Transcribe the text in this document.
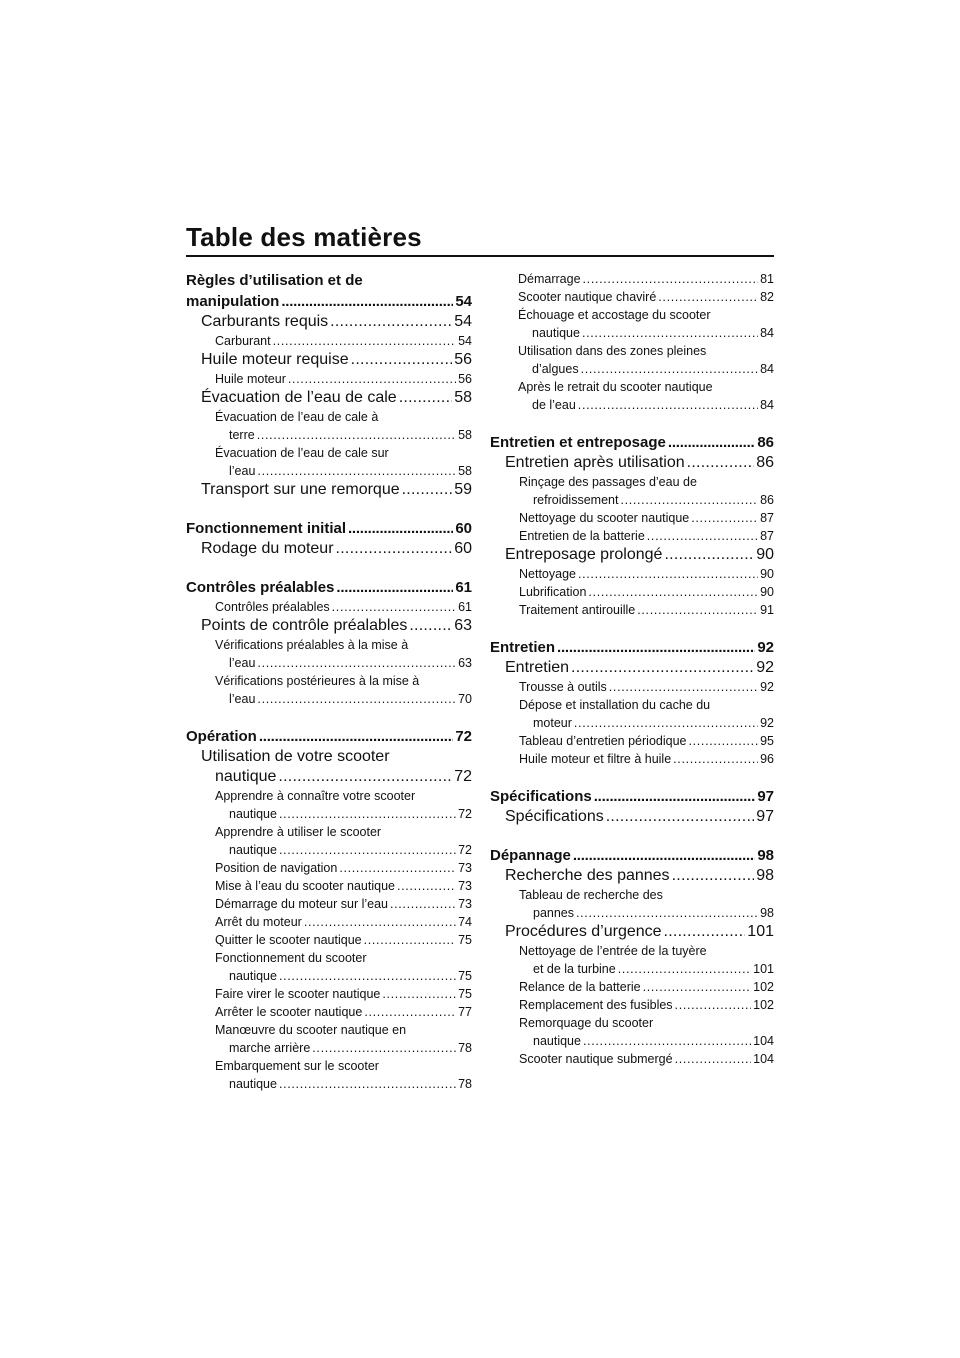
Table des matières
Règles d’utilisation et de
manipulation . . .	54
Carburants requis . . .	54
Carburant . . .	54
Huile moteur requise . . .	56
Huile moteur . . .	56
Évacuation de l’eau de cale . . .	58
Évacuation de l’eau de cale à
terre . . .	58
Évacuation de l’eau de cale sur
l’eau . . .	58
Transport sur une remorque . . .	59
Fonctionnement initial . . .	60
Rodage du moteur . . .	60
Contrôles préalables . . .	61
Contrôles préalables . . .	61
Points de contrôle préalables . . .	63
Vérifications préalables à la mise à
l’eau . . .	63
Vérifications postérieures à la mise à
l’eau . . .	70
Opération . . .	72
Utilisation de votre scooter
nautique . . .	72
Apprendre à connaître votre scooter
nautique . . .	72
Apprendre à utiliser le scooter
nautique . . .	72
Position de navigation . . .	73
Mise à l’eau du scooter nautique . . .	73
Démarrage du moteur sur l’eau . . .	73
Arrêt du moteur . . .	74
Quitter le scooter nautique . . .	75
Fonctionnement du scooter
nautique . . .	75
Faire virer le scooter nautique . . .	75
Arrêter le scooter nautique . . .	77
Manœuvre du scooter nautique en
marche arrière . . .	78
Embarquement sur le scooter
nautique . . .	78
Démarrage . . .	81
Scooter nautique chaviré . . .	82
Échouage et accostage du scooter
nautique . . .	84
Utilisation dans des zones pleines
d’algues . . .	84
Après le retrait du scooter nautique
de l’eau . . .	84
Entretien et entreposage . . .	86
Entretien après utilisation . . .	86
Rinçage des passages d’eau de
refroidissement . . .	86
Nettoyage du scooter nautique . . .	87
Entretien de la batterie . . .	87
Entreposage prolongé . . .	90
Nettoyage . . .	90
Lubrification . . .	90
Traitement antirouille . . .	91
Entretien . . .	92
Entretien . . .	92
Trousse à outils . . .	92
Dépose et installation du cache du
moteur . . .	92
Tableau d’entretien périodique . . .	95
Huile moteur et filtre à huile . . .	96
Spécifications . . .	97
Spécifications . . .	97
Dépannage . . .	98
Recherche des pannes . . .	98
Tableau de recherche des
pannes . . .	98
Procédures d’urgence . . .	101
Nettoyage de l’entrée de la tuyère
et de la turbine . . .	101
Relance de la batterie . . .	102
Remplacement des fusibles . . .	102
Remorquage du scooter
nautique . . .	104
Scooter nautique submergé . . .	104
